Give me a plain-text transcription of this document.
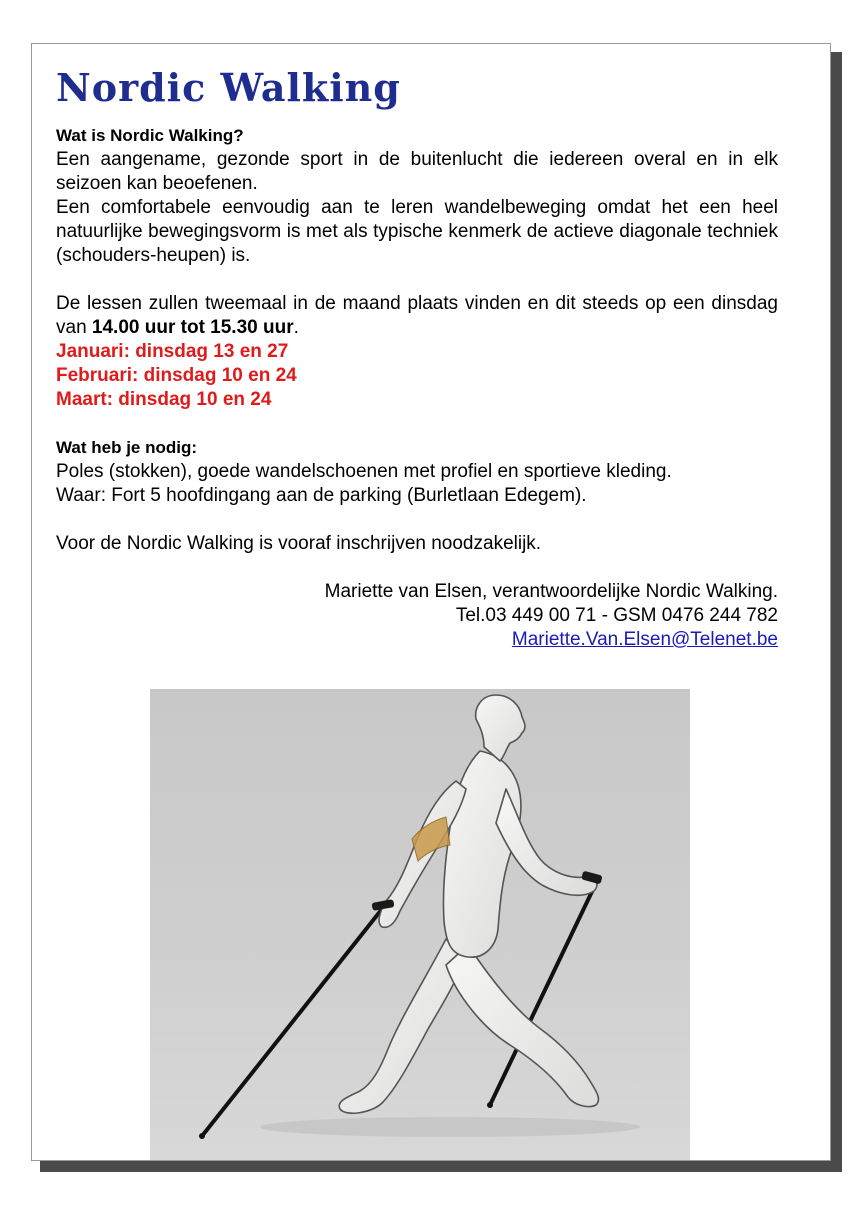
Nordic Walking

Wat is Nordic Walking?

Een aangename, gezonde sport in de buitenlucht die iedereen overal en in elk seizoen kan beoefenen.

Een comfortabele eenvoudig aan te leren wandelbeweging omdat het een heel natuurlijke bewegingsvorm is met als typische kenmerk de actieve diagonale techniek (schouders-heupen) is.

De lessen zullen tweemaal in de maand plaats vinden en dit steeds op een dinsdag van 14.00 uur tot 15.30 uur.

Januari: dinsdag 13 en 27

Februari: dinsdag 10 en 24

Maart: dinsdag 10 en 24

Wat heb je nodig:

Poles (stokken), goede wandelschoenen met profiel en sportieve kleding.

Waar: Fort 5 hoofdingang aan de parking (Burletlaan Edegem).

Voor de Nordic Walking is vooraf inschrijven noodzakelijk.

Mariette van Elsen, verantwoordelijke Nordic Walking.

Tel.03 449 00 71 - GSM 0476 244 782

Mariette.Van.Elsen@Telenet.be
